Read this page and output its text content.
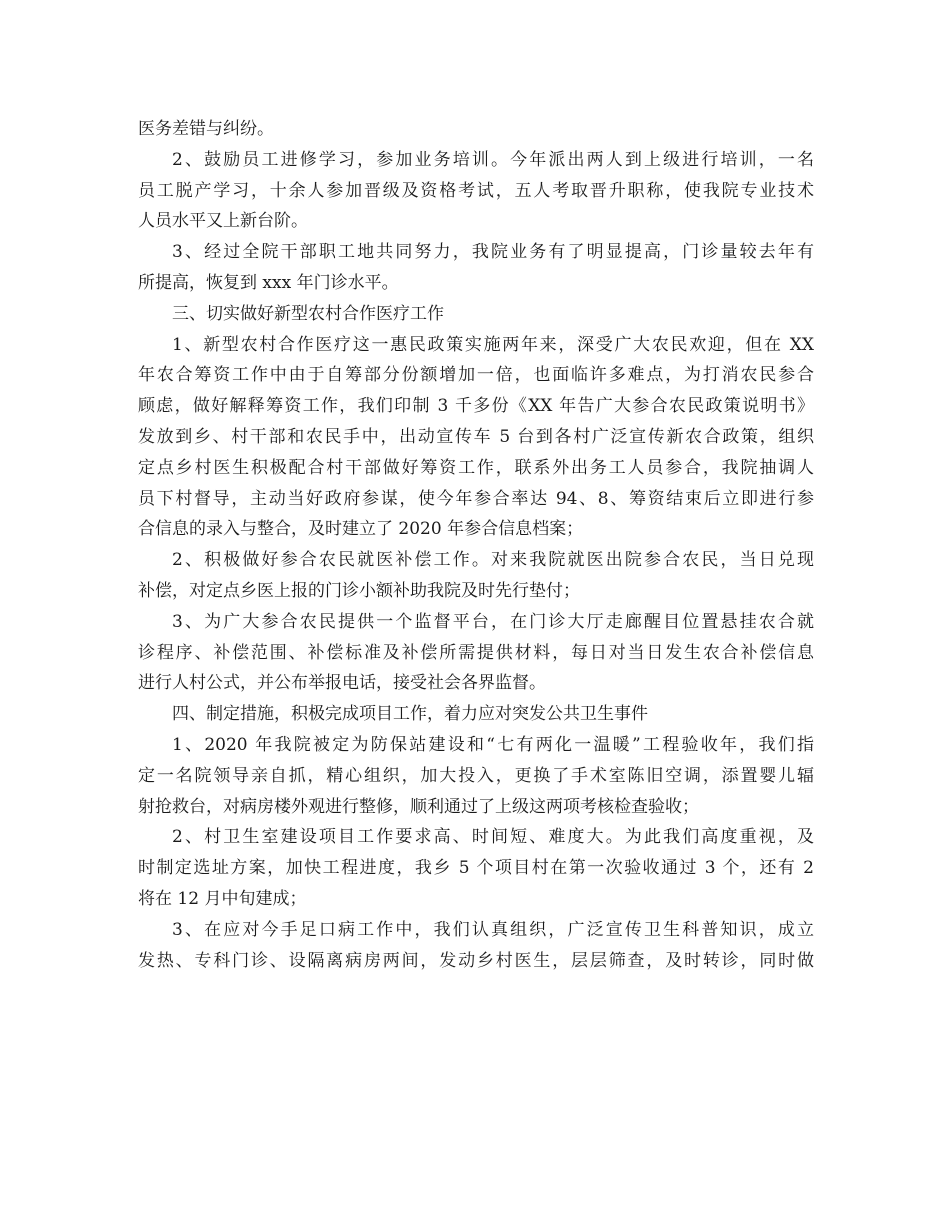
医务差错与纠纷。
2、鼓励员工进修学习，参加业务培训。今年派出两人到上级进行培训，一名
员工脱产学习，十余人参加晋级及资格考试，五人考取晋升职称，使我院专业技术
人员水平又上新台阶。
3、经过全院干部职工地共同努力，我院业务有了明显提高，门诊量较去年有
所提高，恢复到 xxx 年门诊水平。
三、切实做好新型农村合作医疗工作
1、新型农村合作医疗这一惠民政策实施两年来，深受广大农民欢迎，但在 XX
年农合筹资工作中由于自筹部分份额增加一倍，也面临许多难点，为打消农民参合
顾虑，做好解释筹资工作，我们印制 3 千多份《XX 年告广大参合农民政策说明书》
发放到乡、村干部和农民手中，出动宣传车 5 台到各村广泛宣传新农合政策，组织
定点乡村医生积极配合村干部做好筹资工作，联系外出务工人员参合，我院抽调人
员下村督导，主动当好政府参谋，使今年参合率达 94、8、筹资结束后立即进行参
合信息的录入与整合，及时建立了 2020 年参合信息档案；
2、积极做好参合农民就医补偿工作。对来我院就医出院参合农民，当日兑现
补偿，对定点乡医上报的门诊小额补助我院及时先行垫付；
3、为广大参合农民提供一个监督平台，在门诊大厅走廊醒目位置悬挂农合就
诊程序、补偿范围、补偿标准及补偿所需提供材料，每日对当日发生农合补偿信息
进行人村公式，并公布举报电话，接受社会各界监督。
四、制定措施，积极完成项目工作，着力应对突发公共卫生事件
1、2020 年我院被定为防保站建设和“七有两化一温暖”工程验收年，我们指
定一名院领导亲自抓，精心组织，加大投入，更换了手术室陈旧空调，添置婴儿辐
射抢救台，对病房楼外观进行整修，顺利通过了上级这两项考核检查验收；
2、村卫生室建设项目工作要求高、时间短、难度大。为此我们高度重视，及
时制定选址方案，加快工程进度，我乡 5 个项目村在第一次验收通过 3 个，还有 2
将在 12 月中旬建成；
3、在应对今手足口病工作中，我们认真组织，广泛宣传卫生科普知识，成立
发热、专科门诊、设隔离病房两间，发动乡村医生，层层筛查，及时转诊，同时做
